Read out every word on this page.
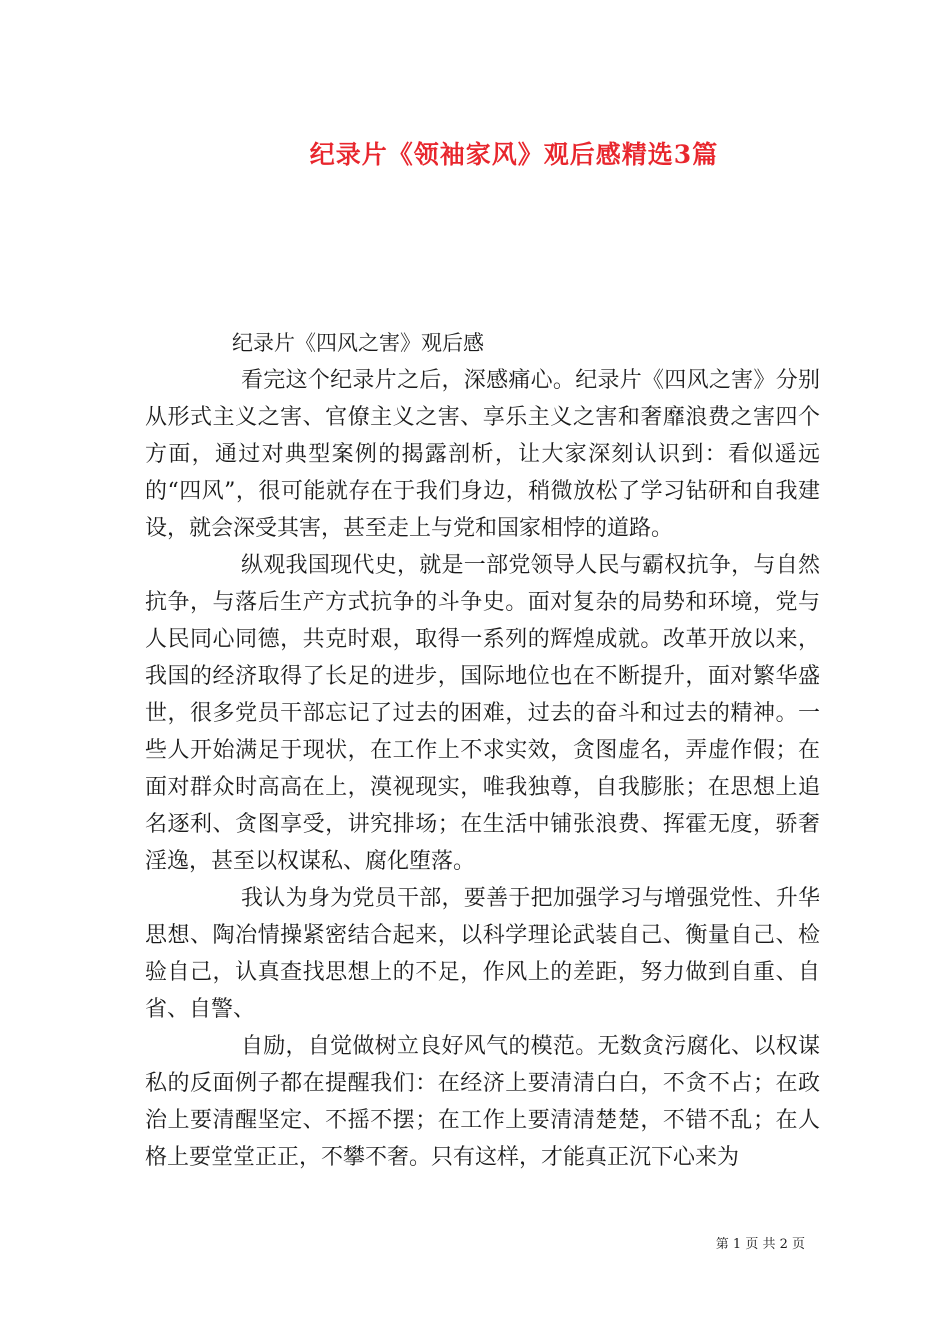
纪录片《领袖家风》观后感精选3篇
纪录片《四风之害》观后感

看完这个纪录片之后，深感痛心。纪录片《四风之害》分别从形式主义之害、官僚主义之害、享乐主义之害和奢靡浪费之害四个方面，通过对典型案例的揭露剖析，让大家深刻认识到：看似遥远的“四风”，很可能就存在于我们身边，稍微放松了学习钻研和自我建设，就会深受其害，甚至走上与党和国家相悖的道路。

纵观我国现代史，就是一部党领导人民与霸权抗争，与自然抗争，与落后生产方式抗争的斗争史。面对复杂的局势和环境，党与人民同心同德，共克时艰，取得一系列的辉煌成就。改革开放以来，我国的经济取得了长足的进步，国际地位也在不断提升，面对繁华盛世，很多党员干部忘记了过去的困难，过去的奋斗和过去的精神。一些人开始满足于现状，在工作上不求实效，贪图虚名，弄虚作假；在面对群众时高高在上，漠视现实，唯我独尊，自我膨胀；在思想上追名逐利、贪图享受，讲究排场；在生活中铺张浪费、挥霍无度，骄奢淫逸，甚至以权谋私、腐化堕落。

我认为身为党员干部，要善于把加强学习与增强党性、升华思想、陶冶情操紧密结合起来，以科学理论武装自己、衡量自己、检验自己，认真查找思想上的不足，作风上的差距，努力做到自重、自省、自警、

自励，自觉做树立良好风气的模范。无数贪污腐化、以权谋私的反面例子都在提醒我们：在经济上要清清白白，不贪不占；在政治上要清醒坚定、不摇不摆；在工作上要清清楚楚，不错不乱；在人格上要堂堂正正，不攀不奢。只有这样，才能真正沉下心来为

第 1 页 共 2 页
